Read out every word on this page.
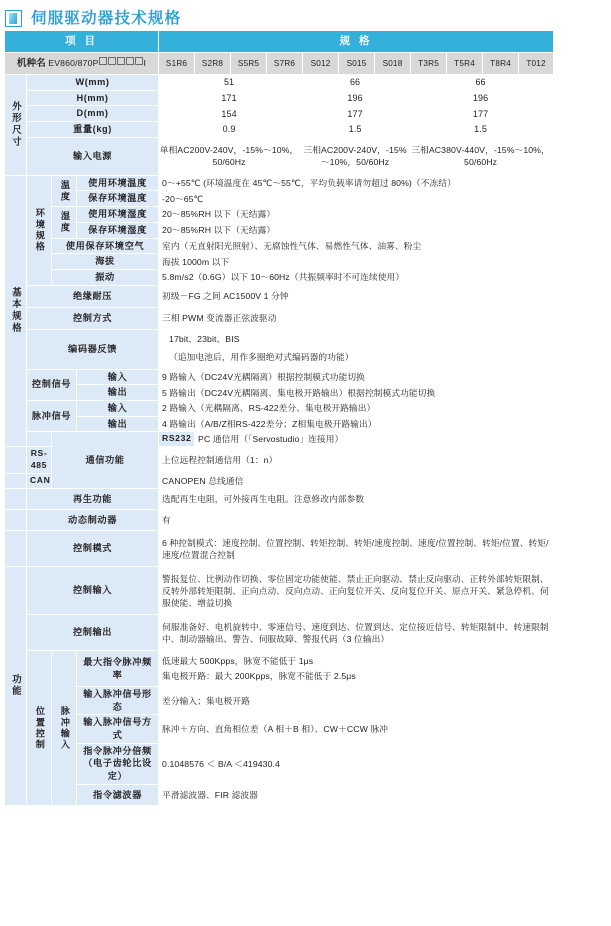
伺服驱动器技术规格
项 目				规 格										
机种名 EV860/870P I				S1R6	S2R8	S5R5	S7R6	S012	S015	S018	T3R5	T5R4	T8R4	T012
外形尺寸	W(mm)			51				66			66			
	H(mm)			171				196			196			
	D(mm)			154				177			177			
	重量(kg)			0.9				1.5			1.5			
	输入电源			单相AC200V-240V，-15%～10%，50/60Hz				三相AC200V-240V，-15%～10%，50/60Hz			三相AC380V-440V，-15%～10%，50/60Hz			
基本规格	环境规格	温度	使用环境温度	0～+55℃ (环境温度在 45℃～55℃，平均负载率请勿超过 80%)（不冻结）										
			保存环境温度	-20～65℃										
		湿度	使用环境湿度	20～85%RH 以下（无结露）										
			保存环境湿度	20～85%RH 以下（无结露）										
		使用保存环境空气		室内（无直射阳光照射）、无腐蚀性气体、易燃性气体、油雾、粉尘										
		海拔		海拔 1000m 以下										
		振动		5.8m/s2（0.6G）以下 10～60Hz（共振频率时不可连续使用）										
	绝缘耐压			初级－FG 之间 AC1500V 1 分钟										
	控制方式			三相 PWM 变流器正弦波驱动										
	编码器反馈			17bit、23bit、BIS
（追加电池后，用作多圈绝对式编码器的功能）										

	控制信号		输入	9 路输入（DC24V光耦隔离）根据控制模式功能切换										
			输出	5 路输出（DC24V光耦隔离、集电极开路输出）根据控制模式功能切换										
	脉冲信号		输入	2 路输入（光耦隔离、RS-422差分、集电极开路输出）										
			输出	4 路输出（A/B/Z相RS-422差分；Z相集电极开路输出）										
		通信功能		RS232	PC 通信用（「Servostudio」连接用）									
	RS-485			上位远程控制通信用（1：n）										
	CAN			CANOPEN 总线通信										
	再生功能			选配再生电阻，可外接再生电阻。注意修改内部参数										
	动态制动器			有										
	控制模式			6 种控制模式：速度控制、位置控制、转矩控制、转矩/速度控制、速度/位置控制、转矩/位置、转矩/速度/位置混合控制										
功能	控制输入			警报复位、比例动作切换、零位固定功能使能、禁止正向驱动、禁止反向驱动、正转外部转矩限制、反转外部转矩限制、正向点动、反向点动、正向复位开关、反向复位开关、原点开关、紧急停机、伺服使能、增益切换										
	控制输出			伺服准备好、电机旋转中、零速信号、速度到达、位置到达、定位接近信号、转矩限制中、转速限制中、制动器输出、警告、伺服故障、警报代码（3 位输出）										
	位置控制	脉冲输入	最大指令脉冲频率	低速最大 500Kpps，脉宽不能低于 1μs
集电极开路：最大 200Kpps，脉宽不能低于 2.5μs										

			输入脉冲信号形态	差分输入；集电极开路										
			输入脉冲信号方式	脉冲＋方向、直角相位差（A 相＋B 相）、CW＋CCW 脉冲										
			指令脉冲分倍频 （电子齿轮比设定）	0.1048576 ＜ B/A ＜419430.4										
			指令滤波器	平滑滤波器、FIR 滤波器										
